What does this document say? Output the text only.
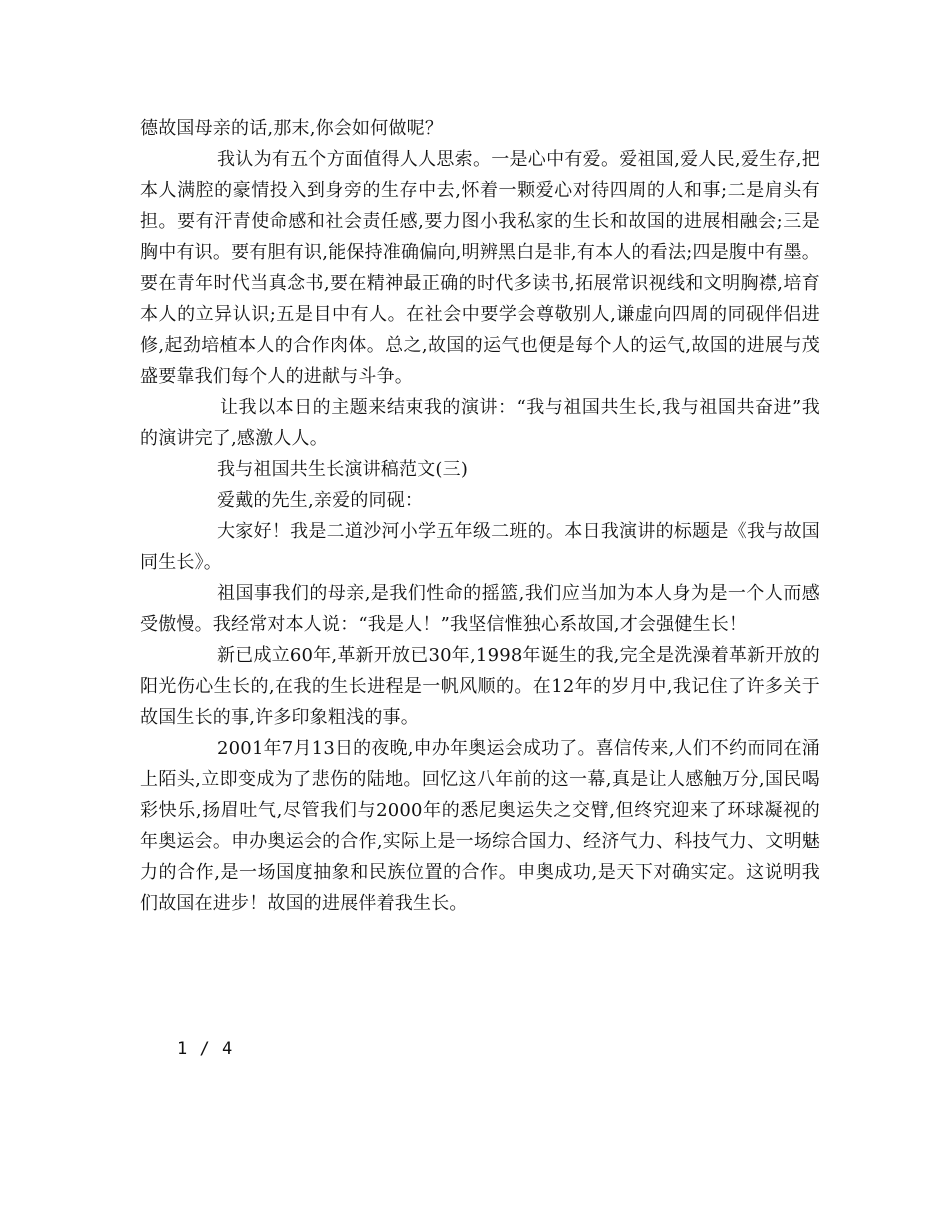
德故国母亲的话,那末,你会如何做呢？

我认为有五个方面值得人人思索。一是心中有爱。爱祖国,爱人民,爱生存,把本人满腔的豪情投入到身旁的生存中去,怀着一颗爱心对待四周的人和事;二是肩头有担。要有汗青使命感和社会责任感,要力图小我私家的生长和故国的进展相融会;三是胸中有识。要有胆有识,能保持准确偏向,明辨黑白是非,有本人的看法;四是腹中有墨。要在青年时代当真念书,要在精神最正确的时代多读书,拓展常识视线和文明胸襟,培育本人的立异认识;五是目中有人。在社会中要学会尊敬别人,谦虚向四周的同砚伴侣进修,起劲培植本人的合作肉体。总之,故国的运气也便是每个人的运气,故国的进展与茂盛要靠我们每个人的进献与斗争。

让我以本日的主题来结束我的演讲：“我与祖国共生长,我与祖国共奋进”我的演讲完了,感激人人。

我与祖国共生长演讲稿范文(三)

爱戴的先生,亲爱的同砚：

大家好！我是二道沙河小学五年级二班的。本日我演讲的标题是《我与故国同生长》。

祖国事我们的母亲,是我们性命的摇篮,我们应当加为本人身为是一个人而感受傲慢。我经常对本人说：“我是人！”我坚信惟独心系故国,才会强健生长！

新已成立60年,革新开放已30年,1998年诞生的我,完全是洗澡着革新开放的阳光伤心生长的,在我的生长进程是一帆风顺的。在12年的岁月中,我记住了许多关于故国生长的事,许多印象粗浅的事。

2001年7月13日的夜晚,申办年奥运会成功了。喜信传来,人们不约而同在涌上陌头,立即变成为了悲伤的陆地。回忆这八年前的这一幕,真是让人感触万分,国民喝彩快乐,扬眉吐气,尽管我们与2000年的悉尼奥运失之交臂,但终究迎来了环球凝视的年奥运会。申办奥运会的合作,实际上是一场综合国力、经济气力、科技气力、文明魅力的合作,是一场国度抽象和民族位置的合作。申奥成功,是天下对确实定。这说明我们故国在进步！故国的进展伴着我生长。

1 / 4
